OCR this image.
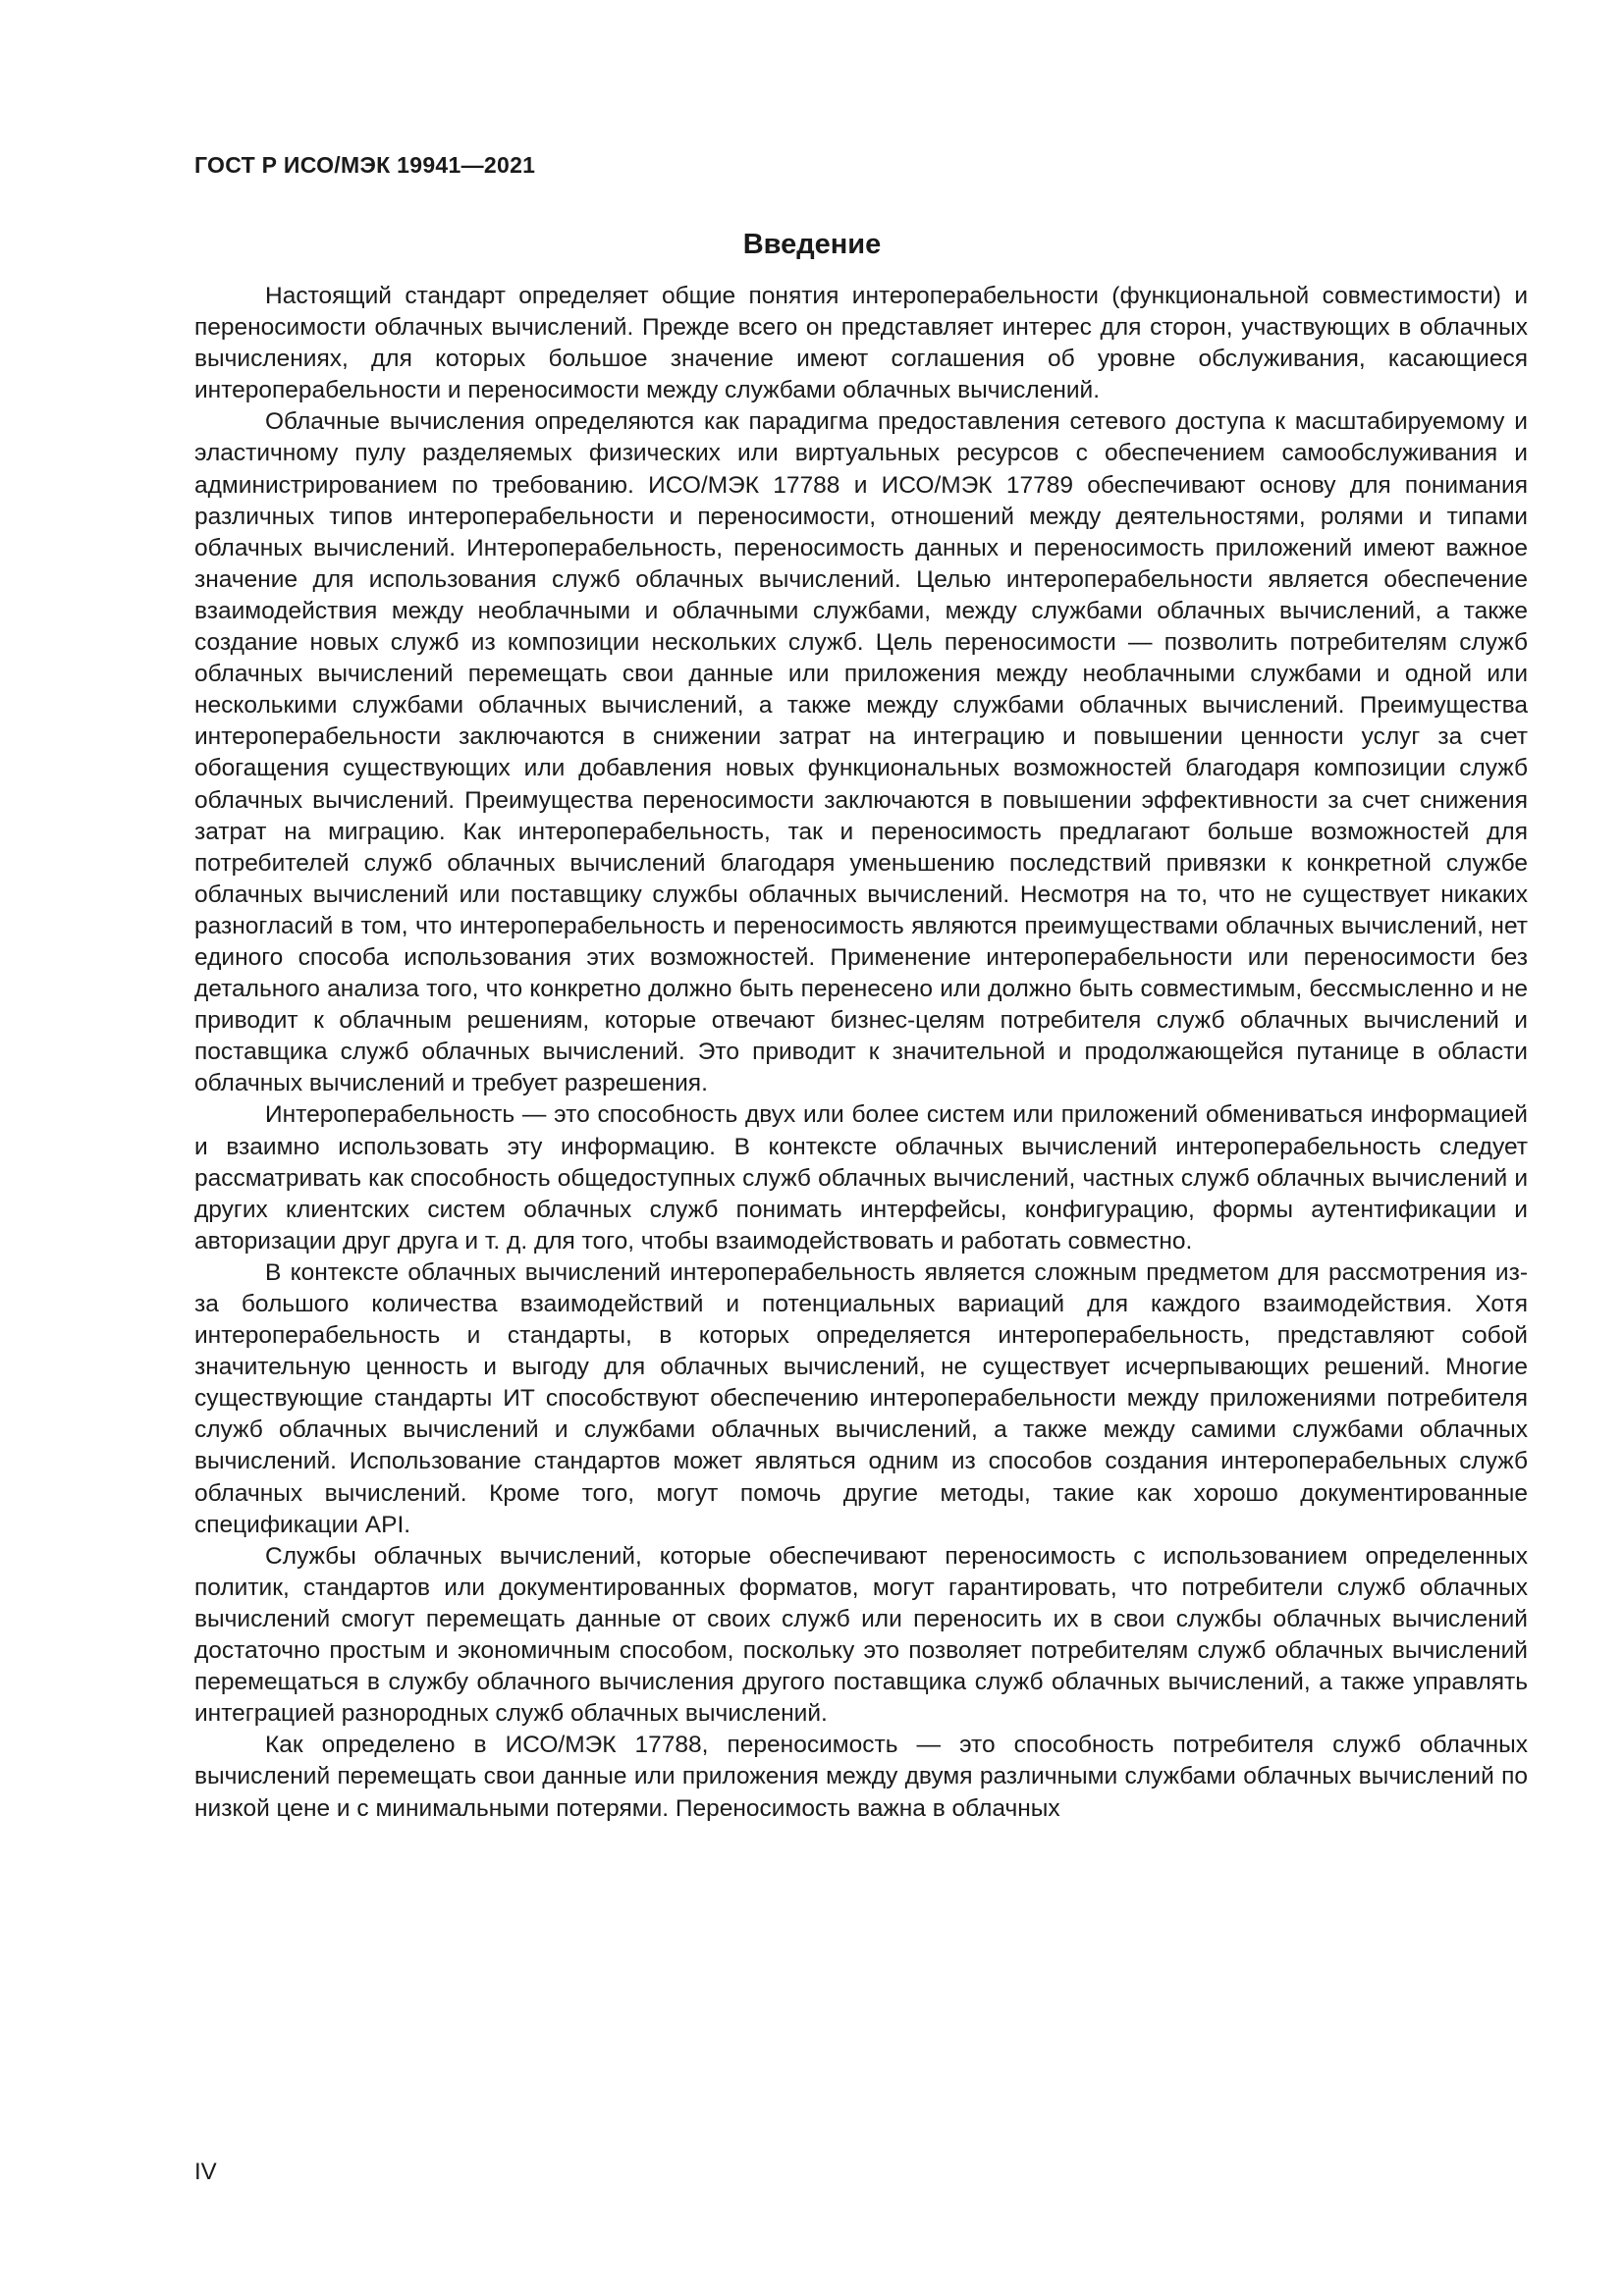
ГОСТ Р ИСО/МЭК 19941—2021

Введение

Настоящий стандарт определяет общие понятия интероперабельности (функциональной совместимости) и переносимости облачных вычислений. Прежде всего он представляет интерес для сторон, участвующих в облачных вычислениях, для которых большое значение имеют соглашения об уровне обслуживания, касающиеся интероперабельности и переносимости между службами облачных вычислений.

Облачные вычисления определяются как парадигма предоставления сетевого доступа к масштабируемому и эластичному пулу разделяемых физических или виртуальных ресурсов с обеспечением самообслуживания и администрированием по требованию. ИСО/МЭК 17788 и ИСО/МЭК 17789 обеспечивают основу для понимания различных типов интероперабельности и переносимости, отношений между деятельностями, ролями и типами облачных вычислений. Интероперабельность, переносимость данных и переносимость приложений имеют важное значение для использования служб облачных вычислений. Целью интероперабельности является обеспечение взаимодействия между необлачными и облачными службами, между службами облачных вычислений, а также создание новых служб из композиции нескольких служб. Цель переносимости — позволить потребителям служб облачных вычислений перемещать свои данные или приложения между необлачными службами и одной или несколькими службами облачных вычислений, а также между службами облачных вычислений. Преимущества интероперабельности заключаются в снижении затрат на интеграцию и повышении ценности услуг за счет обогащения существующих или добавления новых функциональных возможностей благодаря композиции служб облачных вычислений. Преимущества переносимости заключаются в повышении эффективности за счет снижения затрат на миграцию. Как интероперабельность, так и переносимость предлагают больше возможностей для потребителей служб облачных вычислений благодаря уменьшению последствий привязки к конкретной службе облачных вычислений или поставщику службы облачных вычислений. Несмотря на то, что не существует никаких разногласий в том, что интероперабельность и переносимость являются преимуществами облачных вычислений, нет единого способа использования этих возможностей. Применение интероперабельности или переносимости без детального анализа того, что конкретно должно быть перенесено или должно быть совместимым, бессмысленно и не приводит к облачным решениям, которые отвечают бизнес-целям потребителя служб облачных вычислений и поставщика служб облачных вычислений. Это приводит к значительной и продолжающейся путанице в области облачных вычислений и требует разрешения.

Интероперабельность — это способность двух или более систем или приложений обмениваться информацией и взаимно использовать эту информацию. В контексте облачных вычислений интероперабельность следует рассматривать как способность общедоступных служб облачных вычислений, частных служб облачных вычислений и других клиентских систем облачных служб понимать интерфейсы, конфигурацию, формы аутентификации и авторизации друг друга и т. д. для того, чтобы взаимодействовать и работать совместно.

В контексте облачных вычислений интероперабельность является сложным предметом для рассмотрения из-за большого количества взаимодействий и потенциальных вариаций для каждого взаимодействия. Хотя интероперабельность и стандарты, в которых определяется интероперабельность, представляют собой значительную ценность и выгоду для облачных вычислений, не существует исчерпывающих решений. Многие существующие стандарты ИТ способствуют обеспечению интероперабельности между приложениями потребителя служб облачных вычислений и службами облачных вычислений, а также между самими службами облачных вычислений. Использование стандартов может являться одним из способов создания интероперабельных служб облачных вычислений. Кроме того, могут помочь другие методы, такие как хорошо документированные спецификации API.

Службы облачных вычислений, которые обеспечивают переносимость с использованием определенных политик, стандартов или документированных форматов, могут гарантировать, что потребители служб облачных вычислений смогут перемещать данные от своих служб или переносить их в свои службы облачных вычислений достаточно простым и экономичным способом, поскольку это позволяет потребителям служб облачных вычислений перемещаться в службу облачного вычисления другого поставщика служб облачных вычислений, а также управлять интеграцией разнородных служб облачных вычислений.

Как определено в ИСО/МЭК 17788, переносимость — это способность потребителя служб облачных вычислений перемещать свои данные или приложения между двумя различными службами облачных вычислений по низкой цене и с минимальными потерями. Переносимость важна в облачных

IV
